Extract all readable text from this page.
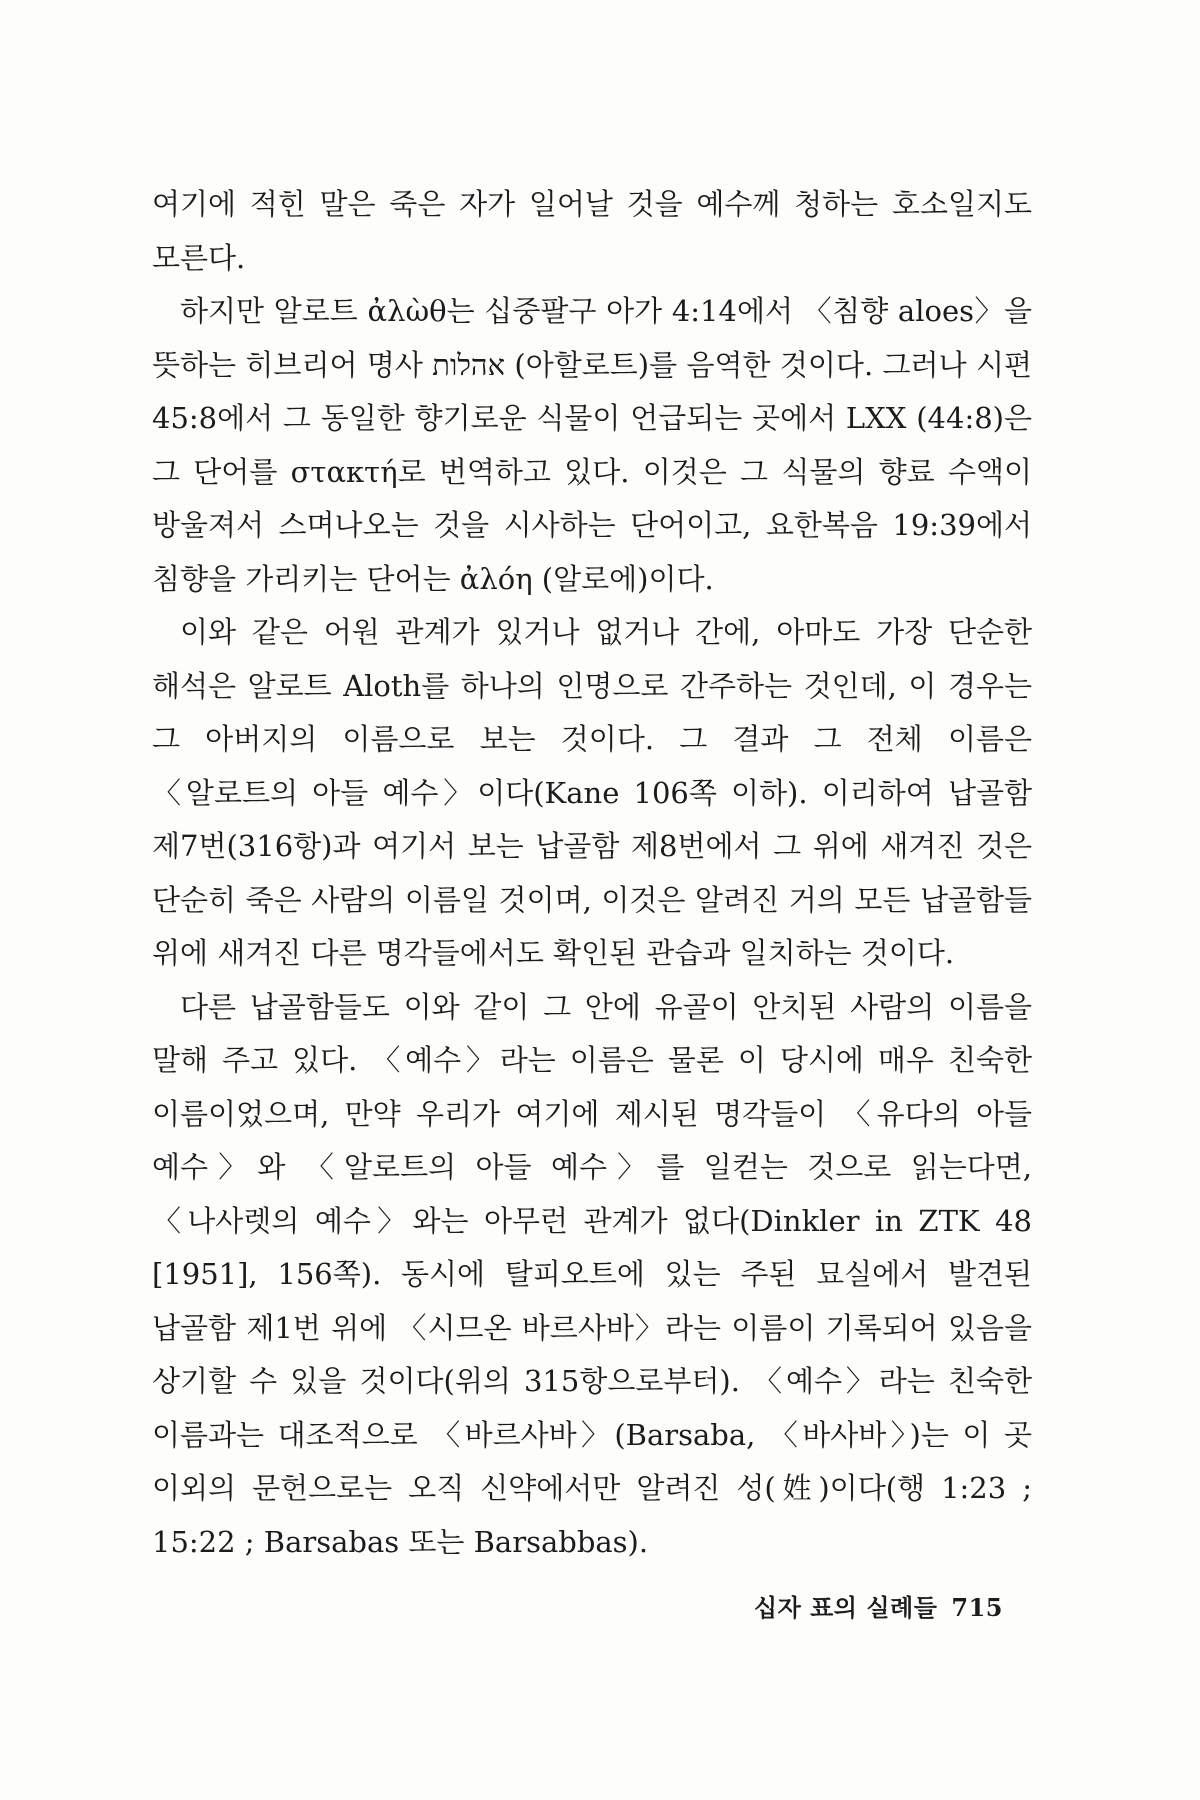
여기에 적힌 말은 죽은 자가 일어날 것을 예수께 청하는 호소일지도 모른다.

하지만 알로트 ἀλὼθ는 십중팔구 아가 4:14에서 〈침향 aloes〉을 뜻하는 히브리어 명사 אהלות (아할로트)를 음역한 것이다. 그러나 시편 45:8에서 그 동일한 향기로운 식물이 언급되는 곳에서 LXX (44:8)은 그 단어를 στακτή로 번역하고 있다. 이것은 그 식물의 향료 수액이 방울져서 스며나오는 것을 시사하는 단어이고, 요한복음 19:39에서 침향을 가리키는 단어는 ἀλόη (알로에)이다.

이와 같은 어원 관계가 있거나 없거나 간에, 아마도 가장 단순한 해석은 알로트 Aloth를 하나의 인명으로 간주하는 것인데, 이 경우는 그 아버지의 이름으로 보는 것이다. 그 결과 그 전체 이름은 〈알로트의 아들 예수〉이다(Kane 106쪽 이하). 이리하여 납골함 제7번(316항)과 여기서 보는 납골함 제8번에서 그 위에 새겨진 것은 단순히 죽은 사람의 이름일 것이며, 이것은 알려진 거의 모든 납골함들 위에 새겨진 다른 명각들에서도 확인된 관습과 일치하는 것이다.

다른 납골함들도 이와 같이 그 안에 유골이 안치된 사람의 이름을 말해 주고 있다. 〈예수〉라는 이름은 물론 이 당시에 매우 친숙한 이름이었으며, 만약 우리가 여기에 제시된 명각들이 〈유다의 아들 예수〉와 〈알로트의 아들 예수〉를 일컫는 것으로 읽는다면, 〈나사렛의 예수〉와는 아무런 관계가 없다(Dinkler in ZTK 48 [1951], 156쪽). 동시에 탈피오트에 있는 주된 묘실에서 발견된 납골함 제1번 위에 〈시므온 바르사바〉라는 이름이 기록되어 있음을 상기할 수 있을 것이다(위의 315항으로부터). 〈예수〉라는 친숙한 이름과는 대조적으로 〈바르사바〉(Barsaba, 〈바사바〉)는 이 곳 이외의 문헌으로는 오직 신약에서만 알려진 성(姓)이다(행 1:23 ; 15:22 ; Barsabas 또는 Barsabbas).

십자 표의 실례들 715
